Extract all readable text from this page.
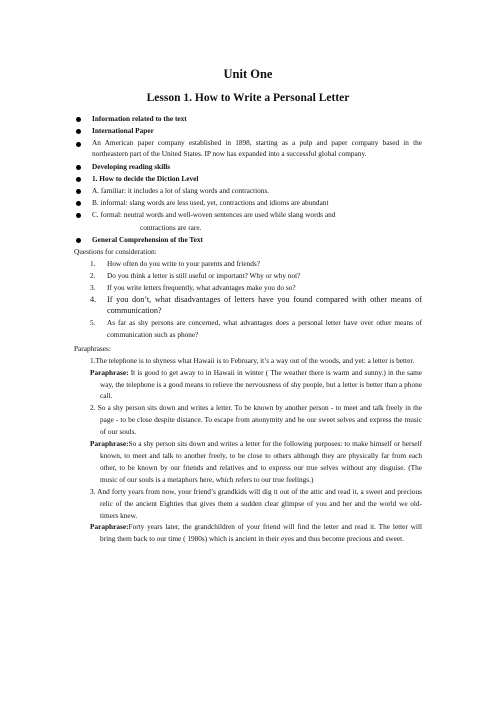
Unit One
Lesson 1. How to Write a Personal Letter
Information related to the text
International Paper
An American paper company established in 1898, starting as a pulp and paper company based in the northeastern part of the United States. IP now has expanded into a successful global company.
Developing reading skills
1. How to decide the Diction Level
A. familiar: it includes a lot of slang words and contractions.
B. informal: slang words are less used, yet, contractions and idioms are abundant
C. formal: neutral words and well-woven sentences are used while slang words and
contractions are rare.
General Comprehension of the Text

Questions for consideration:

1. How often do you write to your parents and friends?
2. Do you think a letter is still useful or important? Why or why not?
3. If you write letters frequently, what advantages make you do so?
4. If you don’t, what disadvantages of letters have you found compared with other means of communication?
5. As far as shy persons are concerned, what advantages does a personal letter have over other means of communication such as phone?

Paraphrases:

1.The telephone is to shyness what Hawaii is to February, it’s a way out of the woods, and yet: a letter is better.
Paraphrase: It is good to get away to in Hawaii in winter ( The weather there is warm and sunny.) in the same way, the telephone is a good means to relieve the nervousness of shy people, but a letter is better than a phone call.
2. So a shy person sits down and writes a letter. To be known by another person - to meet and talk freely in the page - to be close despite distance. To escape from anonymity and be our sweet selves and express the music of our souls.
Paraphrase:So a shy person sits down and writes a letter for the following purposes: to make himself or herself known, to meet and talk to another freely, to be close to others although they are physically far from each other, to be known by our friends and relatives and to express our true selves without any disguise. (The music of our souls is a metaphors here, which refers to our true feelings.)
3. And forty years from now, your friend’s grandkids will dig it out of the attic and read it, a sweet and precious relic of the ancient Eighties that gives them a sudden clear glimpse of you and her and the world we old-timers knew.
Paraphrase:Forty years later, the grandchildren of your friend will find the letter and read it. The letter will bring them back to our time ( 1980s) which is ancient in their eyes and thus become precious and sweet.
